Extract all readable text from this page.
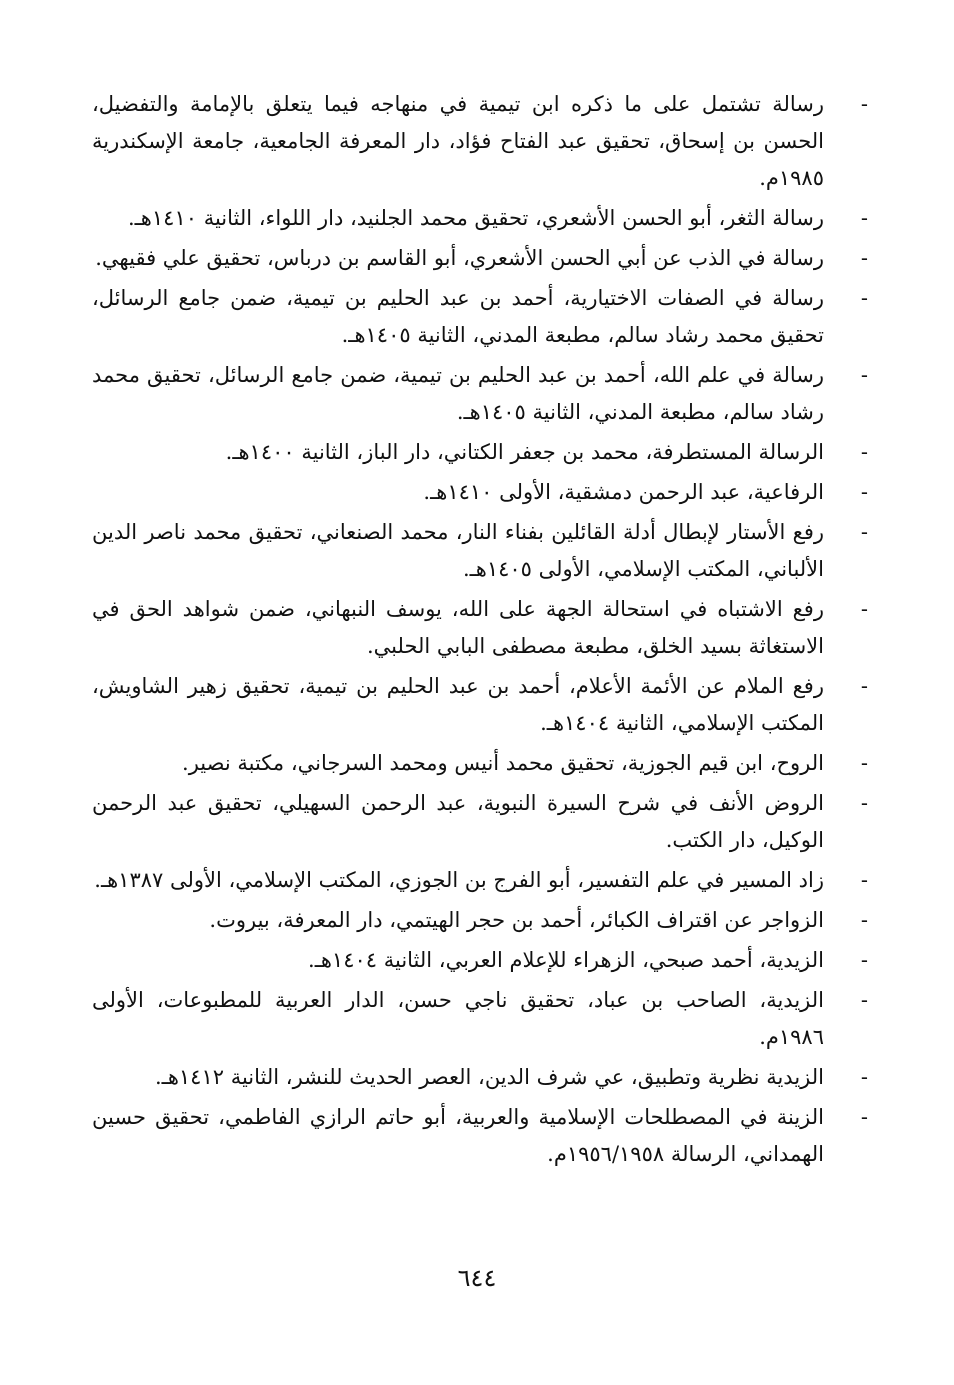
-
رسالة تشتمل على ما ذكره ابن تيمية في منهاجه فيما يتعلق بالإمامة والتفضيل، الحسن بن إسحاق، تحقيق عبد الفتاح فؤاد، دار المعرفة الجامعية، جامعة الإسكندرية ١٩٨٥م.
-
رسالة الثغر، أبو الحسن الأشعري، تحقيق محمد الجلنيد، دار اللواء، الثانية ١٤١٠هـ.
-
رسالة في الذب عن أبي الحسن الأشعري، أبو القاسم بن درباس، تحقيق علي فقيهي.
-
رسالة في الصفات الاختيارية، أحمد بن عبد الحليم بن تيمية، ضمن جامع الرسائل، تحقيق محمد رشاد سالم، مطبعة المدني، الثانية ١٤٠٥هـ.
-
رسالة في علم الله، أحمد بن عبد الحليم بن تيمية، ضمن جامع الرسائل، تحقيق محمد رشاد سالم، مطبعة المدني، الثانية ١٤٠٥هـ.
-
الرسالة المستطرفة، محمد بن جعفر الكتاني، دار الباز، الثانية ١٤٠٠هـ.
-
الرفاعية، عبد الرحمن دمشقية، الأولى ١٤١٠هـ.
-
رفع الأستار لإبطال أدلة القائلين بفناء النار، محمد الصنعاني، تحقيق محمد ناصر الدين الألباني، المكتب الإسلامي، الأولى ١٤٠٥هـ.
-
رفع الاشتباه في استحالة الجهة على الله، يوسف النبهاني، ضمن شواهد الحق في الاستغاثة بسيد الخلق، مطبعة مصطفى البابي الحلبي.
-
رفع الملام عن الأئمة الأعلام، أحمد بن عبد الحليم بن تيمية، تحقيق زهير الشاويش، المكتب الإسلامي، الثانية ١٤٠٤هـ.
-
الروح، ابن قيم الجوزية، تحقيق محمد أنيس ومحمد السرجاني، مكتبة نصير.
-
الروض الأنف في شرح السيرة النبوية، عبد الرحمن السهيلي، تحقيق عبد الرحمن الوكيل، دار الكتب.
-
زاد المسير في علم التفسير، أبو الفرج بن الجوزي، المكتب الإسلامي، الأولى ١٣٨٧هـ.
-
الزواجر عن اقتراف الكبائر، أحمد بن حجر الهيتمي، دار المعرفة، بيروت.
-
الزيدية، أحمد صبحي، الزهراء للإعلام العربي، الثانية ١٤٠٤هـ.
-
الزيدية، الصاحب بن عباد، تحقيق ناجي حسن، الدار العربية للمطبوعات، الأولى ١٩٨٦م.
-
الزيدية نظرية وتطبيق، عي شرف الدين، العصر الحديث للنشر، الثانية ١٤١٢هـ.
-
الزينة في المصطلحات الإسلامية والعربية، أبو حاتم الرازي الفاطمي، تحقيق حسين الهمداني، الرسالة ١٩٥٦/١٩٥٨م.
٦٤٤
